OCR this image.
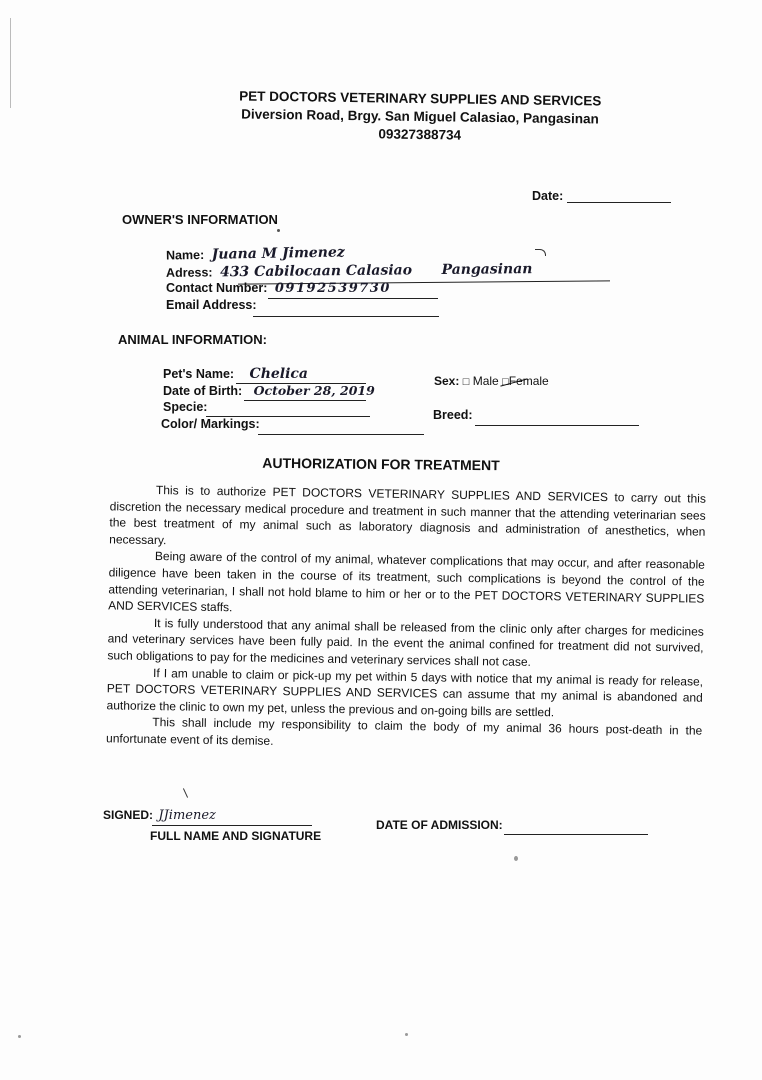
PET DOCTORS VETERINARY SUPPLIES AND SERVICES
Diversion Road, Brgy. San Miguel Calasiao, Pangasinan
09327388734
Date:
OWNER'S INFORMATION
Name: Juana M Jimenez
Adress: 433 Cabilocaan Calasiao Pangasinan
Contact Number: 09192539730
Email Address:
ANIMAL INFORMATION:
Pet's Name: Chelica
Date of Birth: October 28, 2019
Specie:
Color/ Markings:
Sex: □ Male □
Female
Breed:
AUTHORIZATION FOR TREATMENT

This is to authorize PET DOCTORS VETERINARY SUPPLIES AND SERVICES to carry out this discretion the necessary medical procedure and treatment in such manner that the attending veterinarian sees the best treatment of my animal such as laboratory diagnosis and administration of anesthetics, when necessary.

Being aware of the control of my animal, whatever complications that may occur, and after reasonable diligence have been taken in the course of its treatment, such complications is beyond the control of the attending veterinarian, I shall not hold blame to him or her or to the PET DOCTORS VETERINARY SUPPLIES AND SERVICES staffs.

It is fully understood that any animal shall be released from the clinic only after charges for medicines and veterinary services have been fully paid. In the event the animal confined for treatment did not survived, such obligations to pay for the medicines and veterinary services shall not case.

If I am unable to claim or pick-up my pet within 5 days with notice that my animal is ready for release, PET DOCTORS VETERINARY SUPPLIES AND SERVICES can assume that my animal is abandoned and authorize the clinic to own my pet, unless the previous and on-going bills are settled.

This shall include my responsibility to claim the body of my animal 36 hours post-death in the unfortunate event of its demise.

SIGNED: JJimenez
FULL NAME AND SIGNATURE
DATE OF ADMISSION:
